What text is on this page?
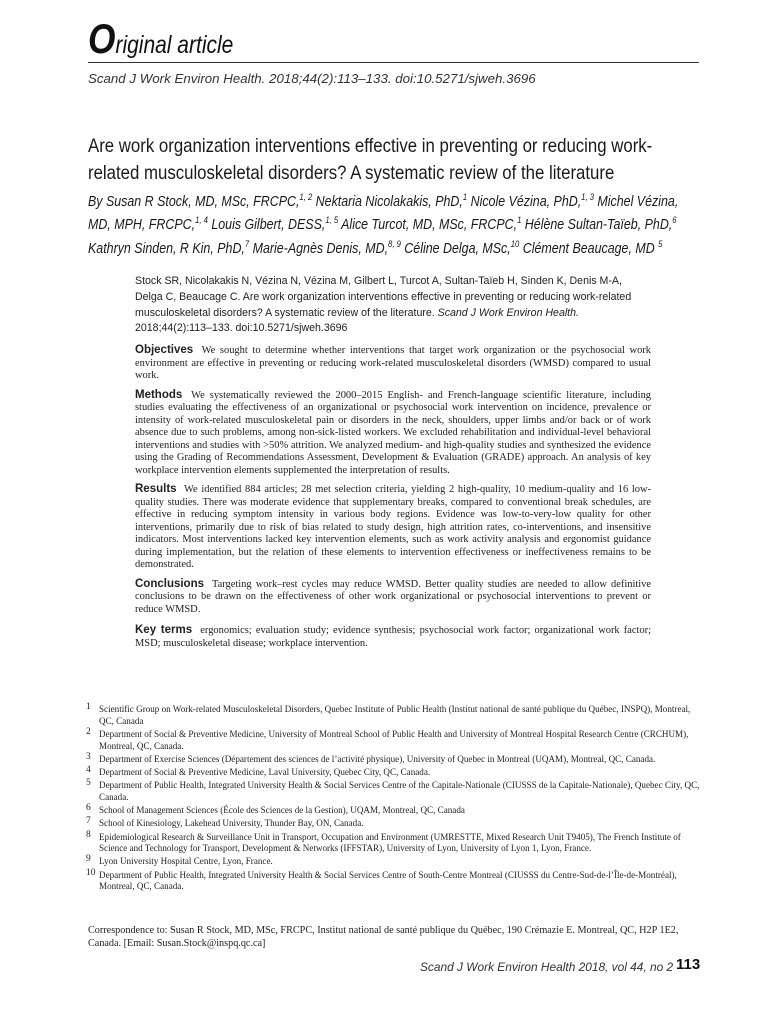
Original article
Scand J Work Environ Health. 2018;44(2):113–133. doi:10.5271/sjweh.3696
Are work organization interventions effective in preventing or reducing work-
related musculoskeletal disorders? A systematic review of the literature
By Susan R Stock, MD, MSc, FRCPC,$^{1, 2}$ Nektaria Nicolakakis, PhD,$^1$ Nicole Vézina, PhD,$^{1, 3}$ Michel Vézina,
MD, MPH, FRCPC,$^{1, 4}$ Louis Gilbert, DESS,$^{1, 5}$ Alice Turcot, MD, MSc, FRCPC,$^1$ Hélène Sultan-Taïeb, PhD,$^6$
Kathryn Sinden, R Kin, PhD,$^7$ Marie-Agnès Denis, MD,$^{8, 9}$ Céline Delga, MSc,$^{10}$ Clément Beaucage, MD $^5$
Stock SR, Nicolakakis N, Vézina N, Vézina M, Gilbert L, Turcot A, Sultan-Taïeb H, Sinden K, Denis M-A, Delga C, Beaucage C. Are work organization interventions effective in preventing or reducing work-related musculoskeletal disorders? A systematic review of the literature. Scand J Work Environ Health. 2018;44(2):113–133. doi:10.5271/sjweh.3696
Objectives We sought to determine whether interventions that target work organization or the psychosocial work environment are effective in preventing or reducing work-related musculoskeletal disorders (WMSD) compared to usual work.
Methods We systematically reviewed the 2000–2015 English- and French-language scientific literature, including studies evaluating the effectiveness of an organizational or psychosocial work intervention on incidence, prevalence or intensity of work-related musculoskeletal pain or disorders in the neck, shoulders, upper limbs and/or back or of work absence due to such problems, among non-sick-listed workers. We excluded rehabilitation and individual-level behavioral interventions and studies with >50% attrition. We analyzed medium- and high-quality studies and synthesized the evidence using the Grading of Recommendations Assessment, Development & Evaluation (GRADE) approach. An analysis of key workplace intervention elements supplemented the interpretation of results.
Results We identified 884 articles; 28 met selection criteria, yielding 2 high-quality, 10 medium-quality and 16 low-quality studies. There was moderate evidence that supplementary breaks, compared to conventional break schedules, are effective in reducing symptom intensity in various body regions. Evidence was low-to-very-low quality for other interventions, primarily due to risk of bias related to study design, high attrition rates, co-interventions, and insensitive indicators. Most interventions lacked key intervention elements, such as work activity analysis and ergonomist guidance during implementation, but the relation of these elements to intervention effectiveness or ineffectiveness remains to be demonstrated.
Conclusions Targeting work–rest cycles may reduce WMSD. Better quality studies are needed to allow definitive conclusions to be drawn on the effectiveness of other work organizational or psychosocial interventions to prevent or reduce WMSD.
Key terms ergonomics; evaluation study; evidence synthesis; psychosocial work factor; organizational work factor; MSD; musculoskeletal disease; workplace intervention.
1 Scientific Group on Work-related Musculoskeletal Disorders, Quebec Institute of Public Health (Institut national de santé publique du Québec, INSPQ), Montreal, QC, Canada
2 Department of Social & Preventive Medicine, University of Montreal School of Public Health and University of Montreal Hospital Research Centre (CRCHUM), Montreal, QC, Canada.
3 Department of Exercise Sciences (Département des sciences de l’activité physique), University of Quebec in Montreal (UQAM), Montreal, QC, Canada.
4 Department of Social & Preventive Medicine, Laval University, Quebec City, QC, Canada.
5 Department of Public Health, Integrated University Health & Social Services Centre of the Capitale-Nationale (CIUSSS de la Capitale-Nationale), Quebec City, QC, Canada.
6 School of Management Sciences (École des Sciences de la Gestion), UQAM, Montreal, QC, Canada
7 School of Kinesiology, Lakehead University, Thunder Bay, ON, Canada.
8 Epidemiological Research & Surveillance Unit in Transport, Occupation and Environment (UMRESTTE, Mixed Research Unit T9405), The French Institute of Science and Technology for Transport, Development & Networks (IFFSTAR), University of Lyon, University of Lyon 1, Lyon, France.
9 Lyon University Hospital Centre, Lyon, France.
10 Department of Public Health, Integrated University Health & Social Services Centre of South-Centre Montreal (CIUSSS du Centre-Sud-de-l’Île-de-Montréal), Montreal, QC, Canada.
Correspondence to: Susan R Stock, MD, MSc, FRCPC, Institut national de santé publique du Québec, 190 Crémazie E. Montreal, QC, H2P 1E2, Canada. [Email: Susan.Stock@inspq.qc.ca]
Scand J Work Environ Health 2018, vol 44, no 2 113
